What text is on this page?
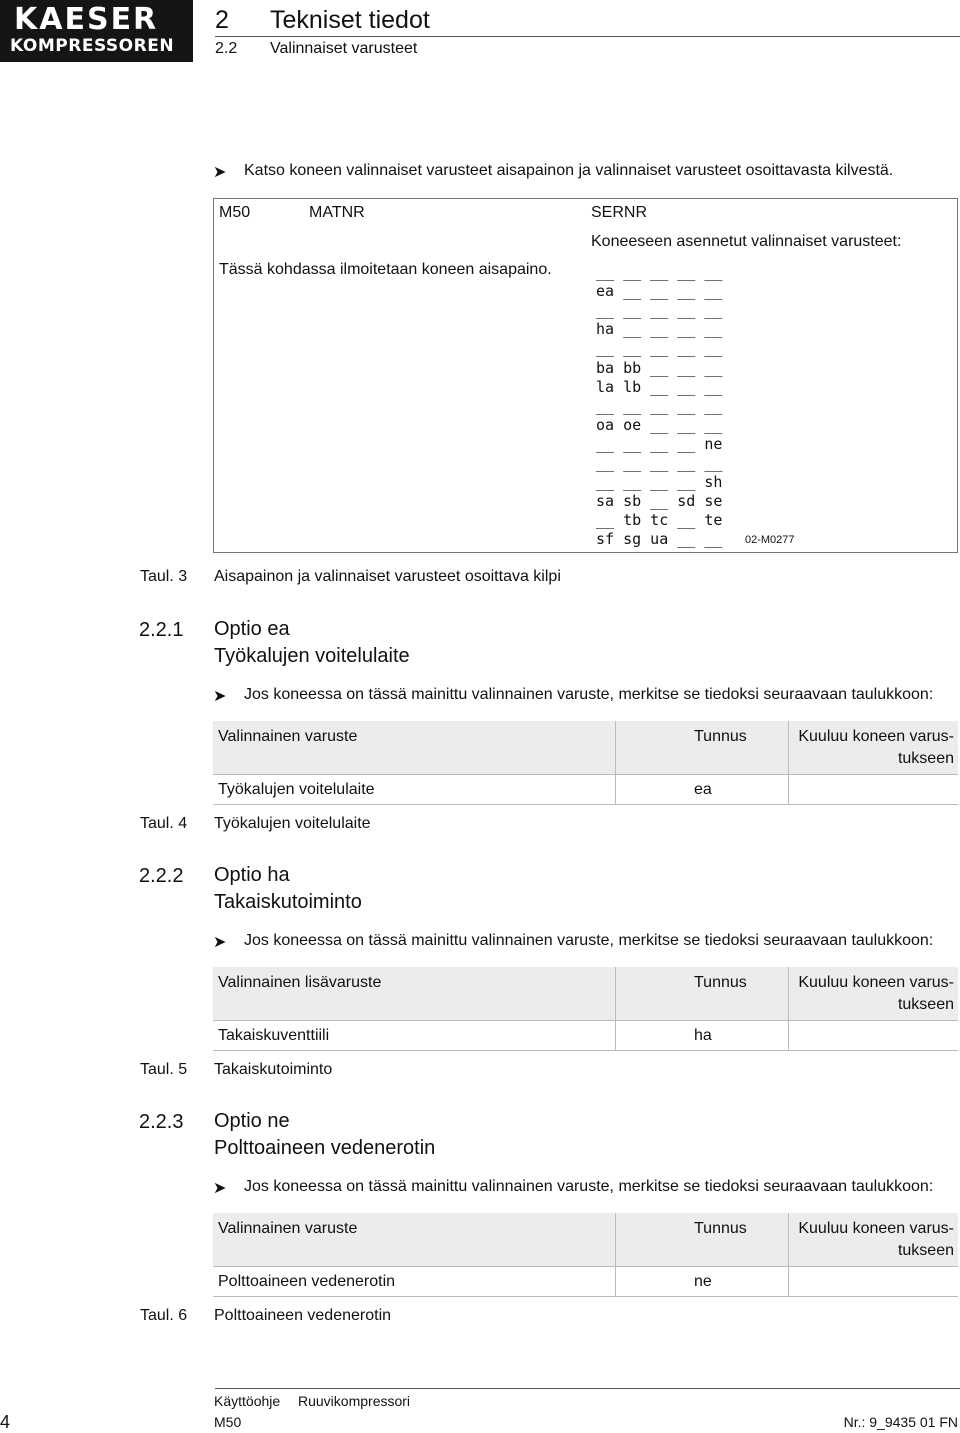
KAESER
KOMPRESSOREN
2 Tekniset tiedot
2.2 Valinnaiset varusteet
➤ Katso koneen valinnaiset varusteet aisapainon ja valinnaiset varusteet osoittavasta kilvestä.
M50	MATNR	SERNR
Koneeseen asennetut valinnaiset varusteet:
Tässä kohdassa ilmoitetaan koneen aisapaino.	__ __ __ __ __
ea __ __ __ __
__ __ __ __ __
ha __ __ __ __
__ __ __ __ __
ba bb __ __ __
la lb __ __ __
__ __ __ __ __
oa oe __ __ __
__ __ __ __ ne
__ __ __ __ __
__ __ __ __ sh
sa sb __ sd se
__ tb tc __ te
sf sg ua __ __ 02-M0277
Taul. 3 Aisapainon ja valinnaiset varusteet osoittava kilpi
2.2.1 Optio ea
Työkalujen voitelulaite
➤ Jos koneessa on tässä mainittu valinnainen varuste, merkitse se tiedoksi seuraavaan taulukkoon:
Valinnainen varuste	Tunnus	Kuuluu koneen varus-tukseen
Työkalujen voitelulaite	ea	
Taul. 4 Työkalujen voitelulaite
2.2.2 Optio ha
Takaiskutoiminto
➤ Jos koneessa on tässä mainittu valinnainen varuste, merkitse se tiedoksi seuraavaan taulukkoon:
Valinnainen lisävaruste	Tunnus	Kuuluu koneen varus-tukseen
Takaiskuventtiili	ha	
Taul. 5 Takaiskutoiminto
2.2.3 Optio ne
Polttoaineen vedenerotin
➤ Jos koneessa on tässä mainittu valinnainen varuste, merkitse se tiedoksi seuraavaan taulukkoon:
Valinnainen varuste	Tunnus	Kuuluu koneen varus-tukseen
Polttoaineen vedenerotin	ne	
Taul. 6 Polttoaineen vedenerotin
4
Käyttöohje Ruuvikompressori
M50	Nr.: 9_9435 01 FN
